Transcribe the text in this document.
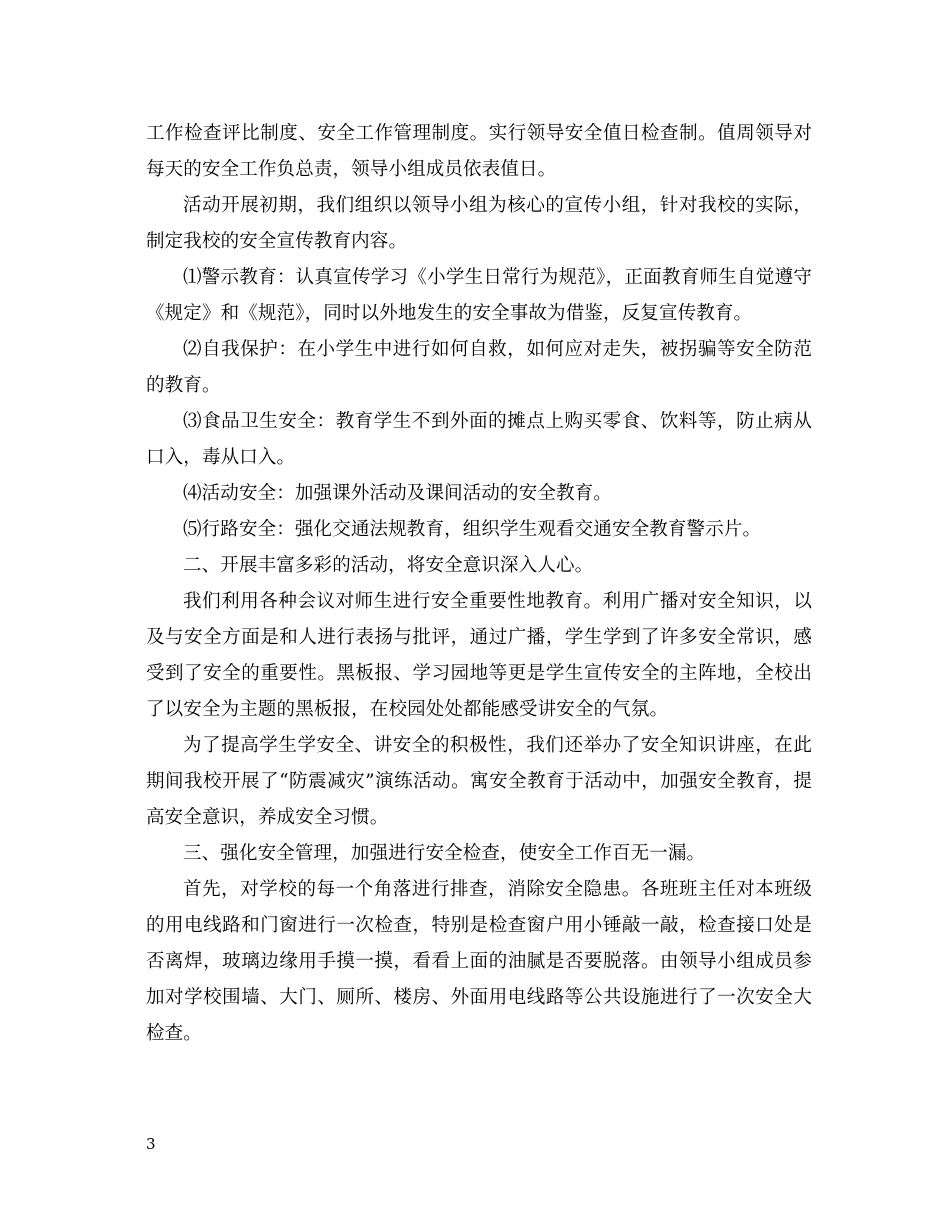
工作检查评比制度、安全工作管理制度。实行领导安全值日检查制。值周领导对每天的安全工作负总责，领导小组成员依表值日。

活动开展初期，我们组织以领导小组为核心的宣传小组，针对我校的实际，制定我校的安全宣传教育内容。

⑴警示教育：认真宣传学习《小学生日常行为规范》，正面教育师生自觉遵守《规定》和《规范》，同时以外地发生的安全事故为借鉴，反复宣传教育。

⑵自我保护：在小学生中进行如何自救，如何应对走失，被拐骗等安全防范的教育。

⑶食品卫生安全：教育学生不到外面的摊点上购买零食、饮料等，防止病从口入，毒从口入。

⑷活动安全：加强课外活动及课间活动的安全教育。

⑸行路安全：强化交通法规教育，组织学生观看交通安全教育警示片。

二、开展丰富多彩的活动，将安全意识深入人心。

我们利用各种会议对师生进行安全重要性地教育。利用广播对安全知识，以及与安全方面是和人进行表扬与批评，通过广播，学生学到了许多安全常识，感受到了安全的重要性。黑板报、学习园地等更是学生宣传安全的主阵地，全校出了以安全为主题的黑板报，在校园处处都能感受讲安全的气氛。

为了提高学生学安全、讲安全的积极性，我们还举办了安全知识讲座，在此期间我校开展了“防震减灾”演练活动。寓安全教育于活动中，加强安全教育，提高安全意识，养成安全习惯。

三、强化安全管理，加强进行安全检查，使安全工作百无一漏。

首先，对学校的每一个角落进行排查，消除安全隐患。各班班主任对本班级的用电线路和门窗进行一次检查，特别是检查窗户用小锤敲一敲，检查接口处是否离焊，玻璃边缘用手摸一摸，看看上面的油腻是否要脱落。由领导小组成员参加对学校围墙、大门、厕所、楼房、外面用电线路等公共设施进行了一次安全大检查。

3
